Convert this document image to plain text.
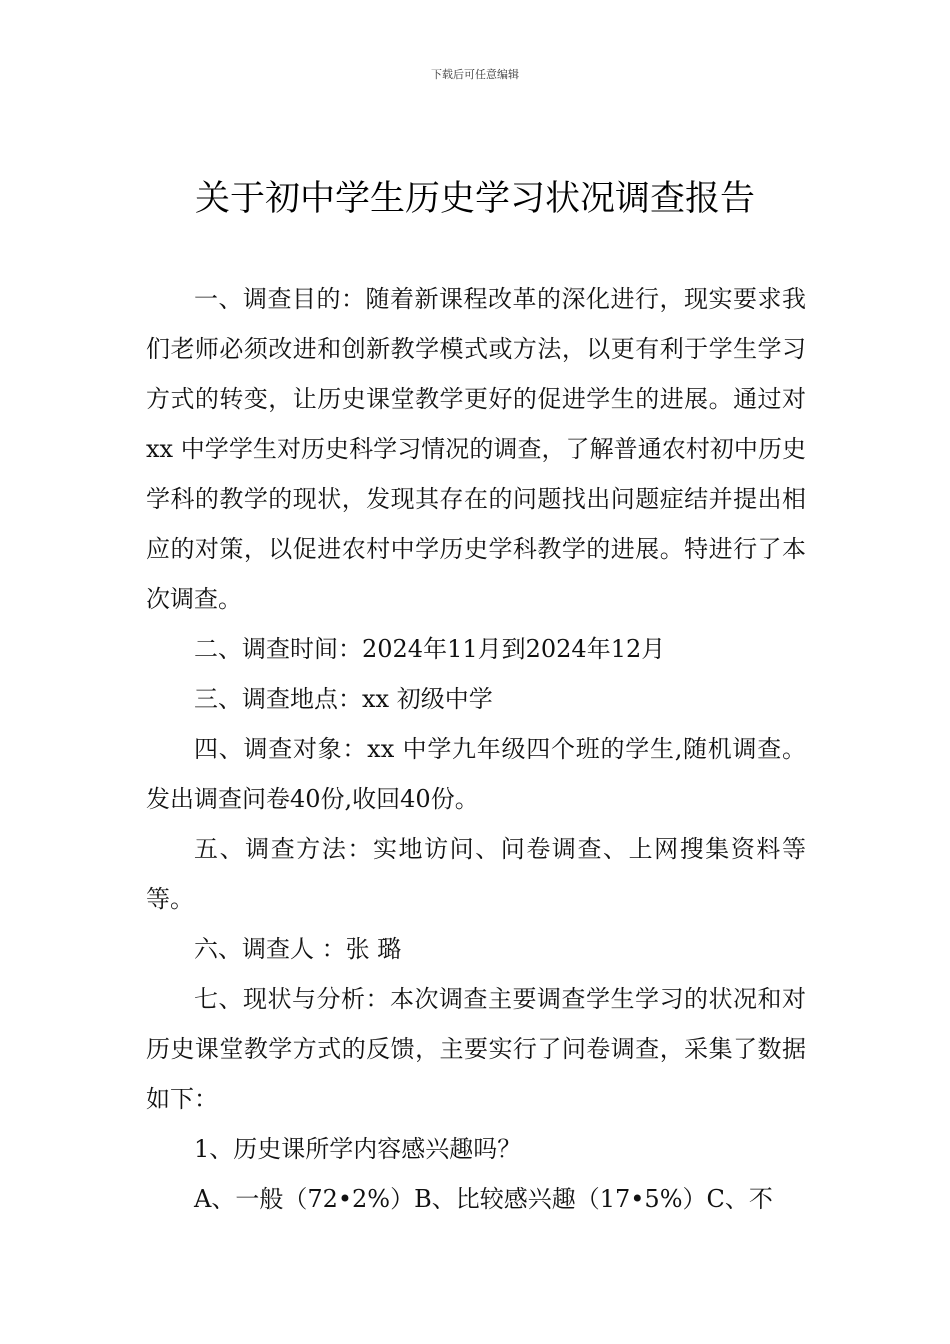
下载后可任意编辑
关于初中学生历史学习状况调查报告

一、调查目的：随着新课程改革的深化进行，现实要求我们老师必须改进和创新教学模式或方法，以更有利于学生学习方式的转变，让历史课堂教学更好的促进学生的进展。通过对xx 中学学生对历史科学习情况的调查，了解普通农村初中历史学科的教学的现状，发现其存在的问题找出问题症结并提出相应的对策，以促进农村中学历史学科教学的进展。特进行了本次调查。

二、调查时间：2024年11月到2024年12月

三、调查地点：xx 初级中学

四、调查对象：xx 中学九年级四个班的学生,随机调查。发出调查问卷40份,收回40份。

五、调查方法：实地访问、问卷调查、上网搜集资料等等。

六、调查人 ：张 璐

七、现状与分析：本次调查主要调查学生学习的状况和对历史课堂教学方式的反馈，主要实行了问卷调查，采集了数据如下：

1、历史课所学内容感兴趣吗？

A、一般（72•2%）B、比较感兴趣（17•5%）C、不
